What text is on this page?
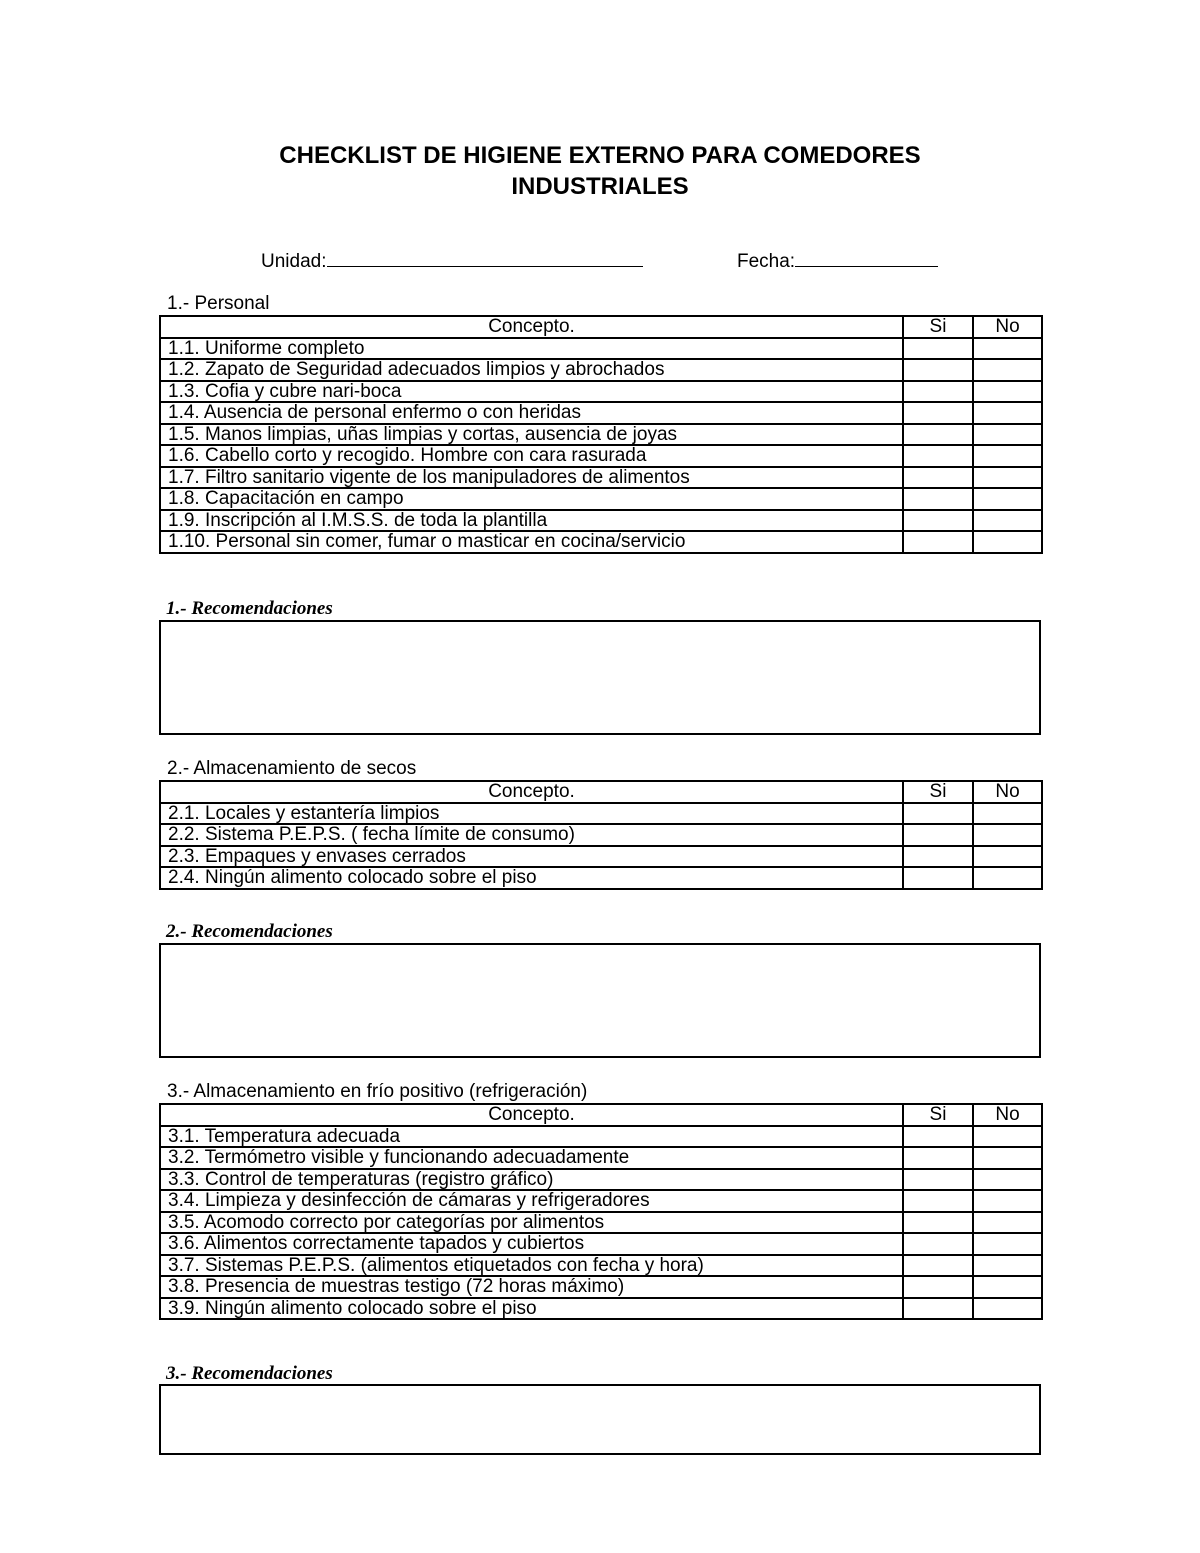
CHECKLIST DE HIGIENE EXTERNO PARA COMEDORES
INDUSTRIALES
Unidad:	Fecha:
1.- Personal
Concepto.	Si	No
1.1. Uniforme completo		
1.2. Zapato de Seguridad adecuados limpios y abrochados		
1.3. Cofia y cubre nari-boca		
1.4. Ausencia de personal enfermo o con heridas		
1.5. Manos limpias, uñas limpias y cortas, ausencia de joyas		
1.6. Cabello corto y recogido. Hombre con cara rasurada		
1.7. Filtro sanitario vigente de los manipuladores de alimentos		
1.8. Capacitación en campo		
1.9. Inscripción al I.M.S.S. de toda la plantilla		
1.10. Personal sin comer, fumar o masticar en cocina/servicio		
1.- Recomendaciones
2.- Almacenamiento de secos
Concepto.	Si	No
2.1. Locales y estantería limpios		
2.2. Sistema P.E.P.S. ( fecha límite de consumo)		
2.3. Empaques y envases cerrados		
2.4. Ningún alimento colocado sobre el piso		
2.- Recomendaciones
3.- Almacenamiento en frío positivo (refrigeración)
Concepto.	Si	No
3.1. Temperatura adecuada		
3.2. Termómetro visible y funcionando adecuadamente		
3.3. Control de temperaturas (registro gráfico)		
3.4. Limpieza y desinfección de cámaras y refrigeradores		
3.5. Acomodo correcto por categorías por alimentos		
3.6. Alimentos correctamente tapados y cubiertos		
3.7. Sistemas P.E.P.S. (alimentos etiquetados con fecha y hora)		
3.8. Presencia de muestras testigo (72 horas máximo)		
3.9. Ningún alimento colocado sobre el piso		
3.- Recomendaciones
